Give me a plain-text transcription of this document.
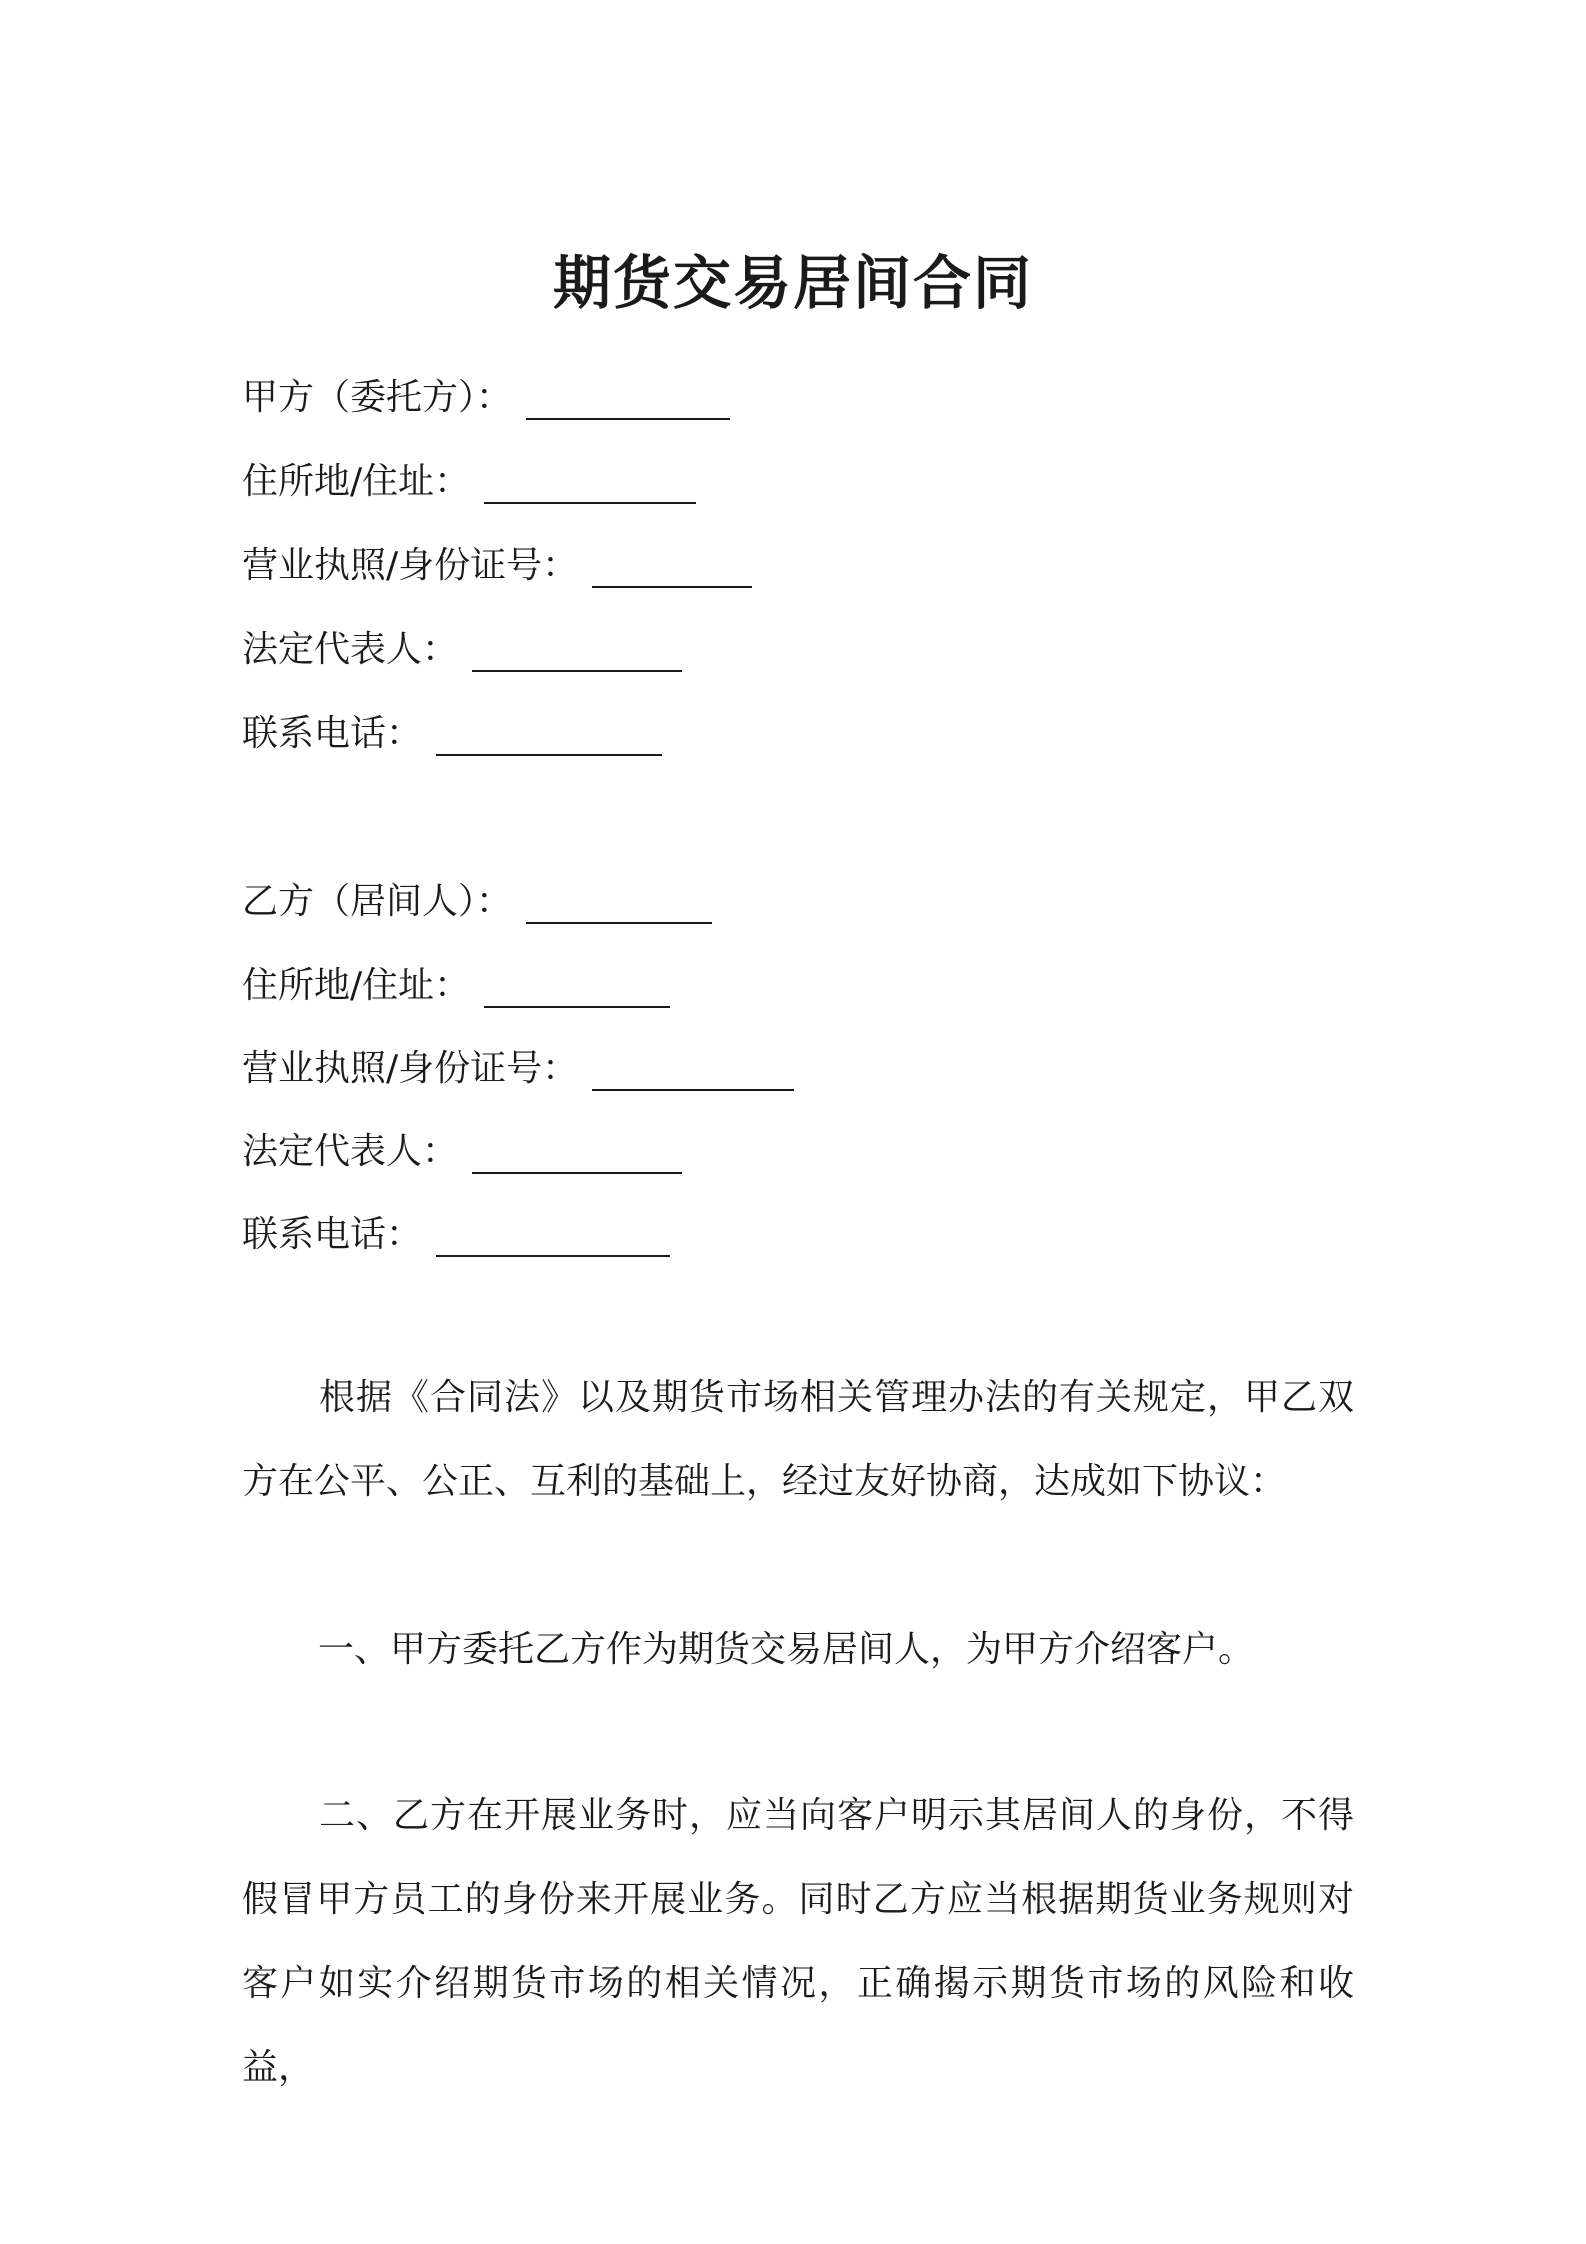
期货交易居间合同
甲方（委托方）：
住所地/住址：
营业执照/身份证号：
法定代表人：
联系电话：
乙方（居间人）：
住所地/住址：
营业执照/身份证号：
法定代表人：
联系电话：
根据《合同法》以及期货市场相关管理办法的有关规定，甲乙双方在公平、公正、互利的基础上，经过友好协商，达成如下协议：
一、甲方委托乙方作为期货交易居间人，为甲方介绍客户。
二、乙方在开展业务时，应当向客户明示其居间人的身份，不得假冒甲方员工的身份来开展业务。同时乙方应当根据期货业务规则对客户如实介绍期货市场的相关情况，正确揭示期货市场的风险和收益，
